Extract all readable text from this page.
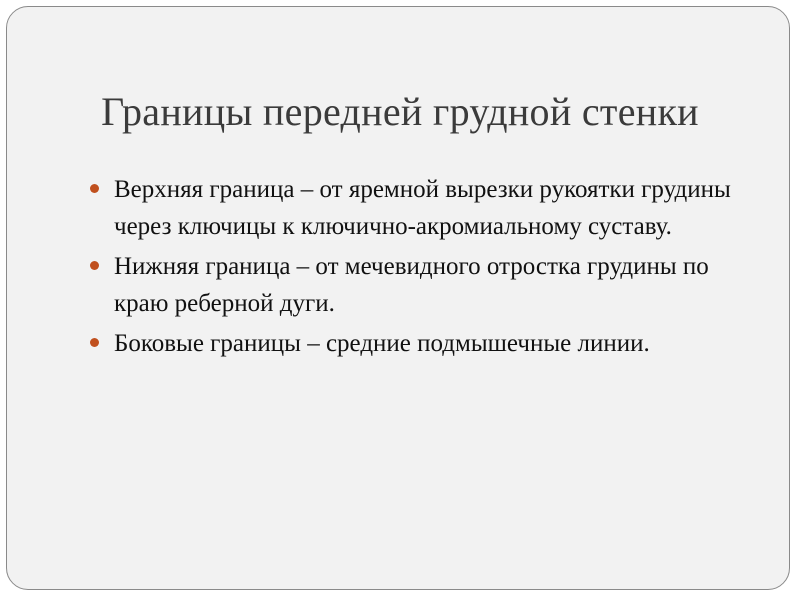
Границы передней грудной стенки
Верхняя граница – от яремной вырезки рукоятки грудины через ключицы к ключично-акромиальному суставу.
Нижняя граница – от мечевидного отростка грудины по краю реберной дуги.
Боковые границы – средние подмышечные линии.
